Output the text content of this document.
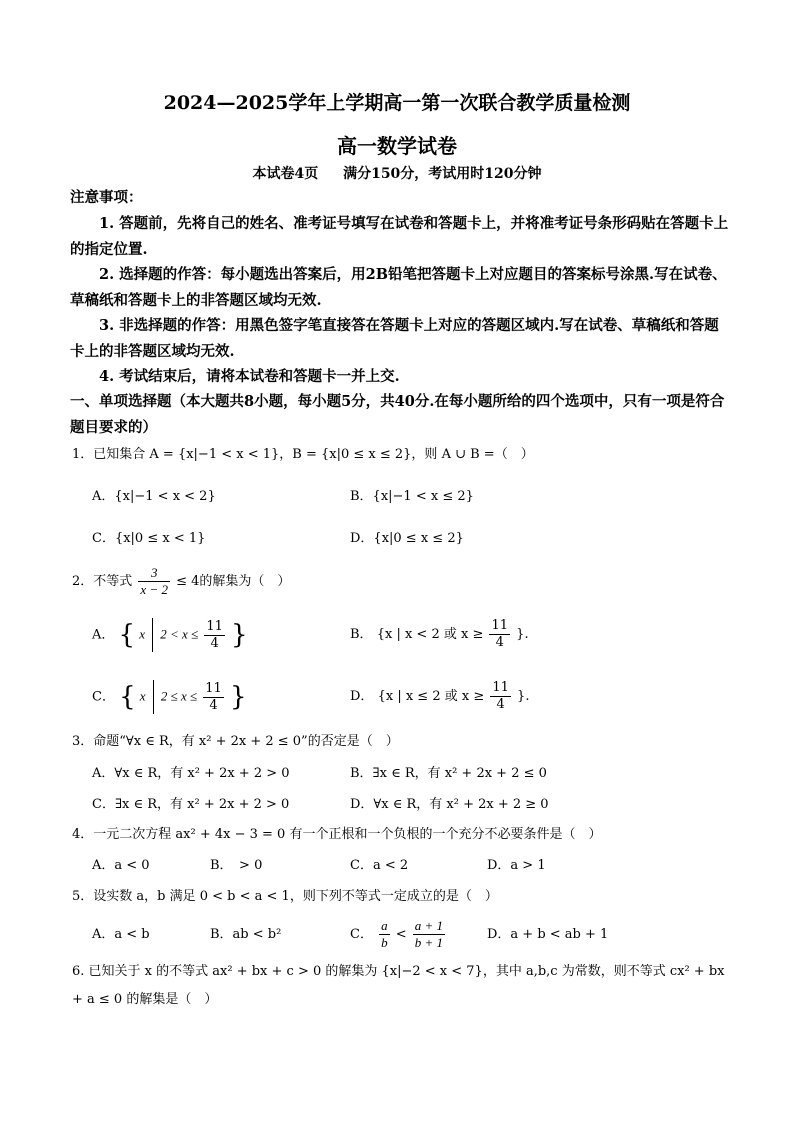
2024—2025学年上学期高一第一次联合教学质量检测
高一数学试卷
本试卷4页 满分150分，考试用时120分钟
注意事项：
1. 答题前，先将自己的姓名、准考证号填写在试卷和答题卡上，并将准考证号条形码贴在答题卡上的指定位置.
2. 选择题的作答：每小题选出答案后，用2B铅笔把答题卡上对应题目的答案标号涂黑.写在试卷、草稿纸和答题卡上的非答题区域均无效.
3. 非选择题的作答：用黑色签字笔直接答在答题卡上对应的答题区域内.写在试卷、草稿纸和答题卡上的非答题区域均无效.
4. 考试结束后，请将本试卷和答题卡一并上交.
一、单项选择题（本大题共8小题，每小题5分，共40分.在每小题所给的四个选项中，只有一项是符合题目要求的）
1．已知集合 A = {x|−1 < x < 1}，B = {x|0 ≤ x ≤ 2}，则 A ∪ B =（　）
A．{x|−1 < x < 2}	B．{x|−1 < x ≤ 2}
C．{x|0 ≤ x < 1}	D．{x|0 ≤ x ≤ 2}
2．不等式 $\frac{3}{x - 2} \le 4$的解集为（　）
A． { x $2 < x \le \frac{11}{4}$ }	B． {x | x < 2 或 $x \ge \frac{11}{4}$ }.
C． { x $2 \le x \le \frac{11}{4}$ }	D． {x | x ≤ 2 或 $x \ge \frac{11}{4}$ }.
3．命题“∀x ∈ R，有 x² + 2x + 2 ≤ 0”的否定是（　）
A．∀x ∈ R，有 x² + 2x + 2 > 0	B．∃x ∈ R，有 x² + 2x + 2 ≤ 0
C．∃x ∈ R，有 x² + 2x + 2 > 0	D．∀x ∈ R，有 x² + 2x + 2 ≥ 0
4．一元二次方程 ax² + 4x − 3 = 0 有一个正根和一个负根的一个充分不必要条件是（　）
A．a < 0	B．　> 0	C．a < 2	D．a > 1
5．设实数 a，b 满足 0 < b < a < 1，则下列不等式一定成立的是（　）
A．a < b	B．ab < b²	C． $\frac{a}{b} < \frac{a + 1}{b + 1}$	D．a + b < ab + 1
6. 已知关于 x 的不等式 ax² + bx + c > 0 的解集为 {x|−2 < x < 7}，其中 a,b,c 为常数，则不等式 cx² + bx + a ≤ 0 的解集是（　）
